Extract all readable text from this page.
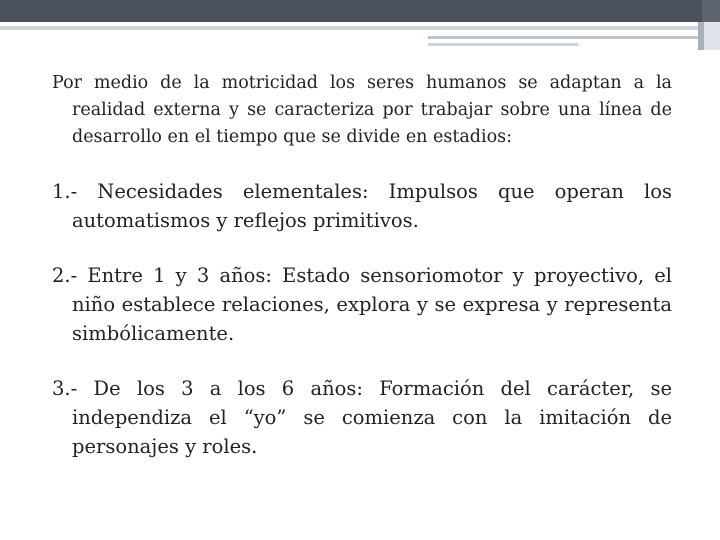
Por medio de la motricidad los seres humanos se adaptan a la realidad externa y se caracteriza por trabajar sobre una línea de desarrollo en el tiempo que se divide en estadios:

1.- Necesidades elementales: Impulsos que operan los automatismos y reflejos primitivos.

2.- Entre 1 y 3 años: Estado sensoriomotor y proyectivo, el niño establece relaciones, explora y se expresa y representa simbólicamente.

3.- De los 3 a los 6 años: Formación del carácter, se independiza el “yo” se comienza con la imitación de personajes y roles.
